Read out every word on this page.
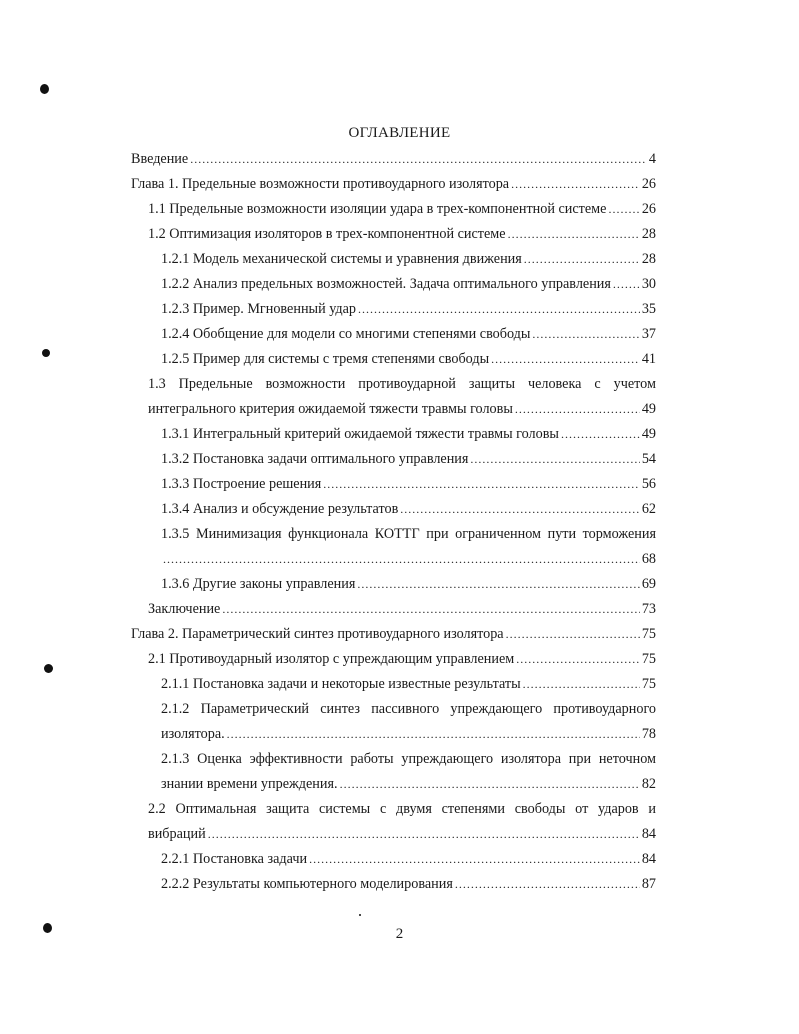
ОГЛАВЛЕНИЕ
Введение .....	4
Глава 1. Предельные возможности противоударного изолятора .....	26
1.1 Предельные возможности изоляции удара в трех-компонентной системе ..... 26
1.2 Оптимизация изоляторов в трех-компонентной системе .....	28
1.2.1 Модель механической системы и уравнения движения .....	28
1.2.2 Анализ предельных возможностей. Задача оптимального управления ..... 30
1.2.3 Пример. Мгновенный удар .....	35
1.2.4 Обобщение для модели со многими степенями свободы .....	37
1.2.5 Пример для системы с тремя степенями свободы .....	41
1.3 Предельные возможности противоударной защиты человека с учетом
интегрального критерия ожидаемой тяжести травмы головы .....	49
1.3.1 Интегральный критерий ожидаемой тяжести травмы головы .....	49
1.3.2 Постановка задачи оптимального управления .....	54
1.3.3 Построение решения .....	56
1.3.4 Анализ и обсуждение результатов .....	62
1.3.5 Минимизация функционала КОТТГ при ограниченном пути торможения
.....
68
1.3.6 Другие законы управления .....	69
Заключение .....	73
Глава 2. Параметрический синтез противоударного изолятора .....	75
2.1 Противоударный изолятор с упреждающим управлением .....	75
2.1.1 Постановка задачи и некоторые известные результаты .....	75
2.1.2 Параметрический синтез пассивного упреждающего противоударного
изолятора. .....	78
2.1.3 Оценка эффективности работы упреждающего изолятора при неточном
знании времени упреждения. .....	82
2.2 Оптимальная защита системы с двумя степенями свободы от ударов и
вибраций .....	84
2.2.1 Постановка задачи .....	84
2.2.2 Результаты компьютерного моделирования .....	87
2
